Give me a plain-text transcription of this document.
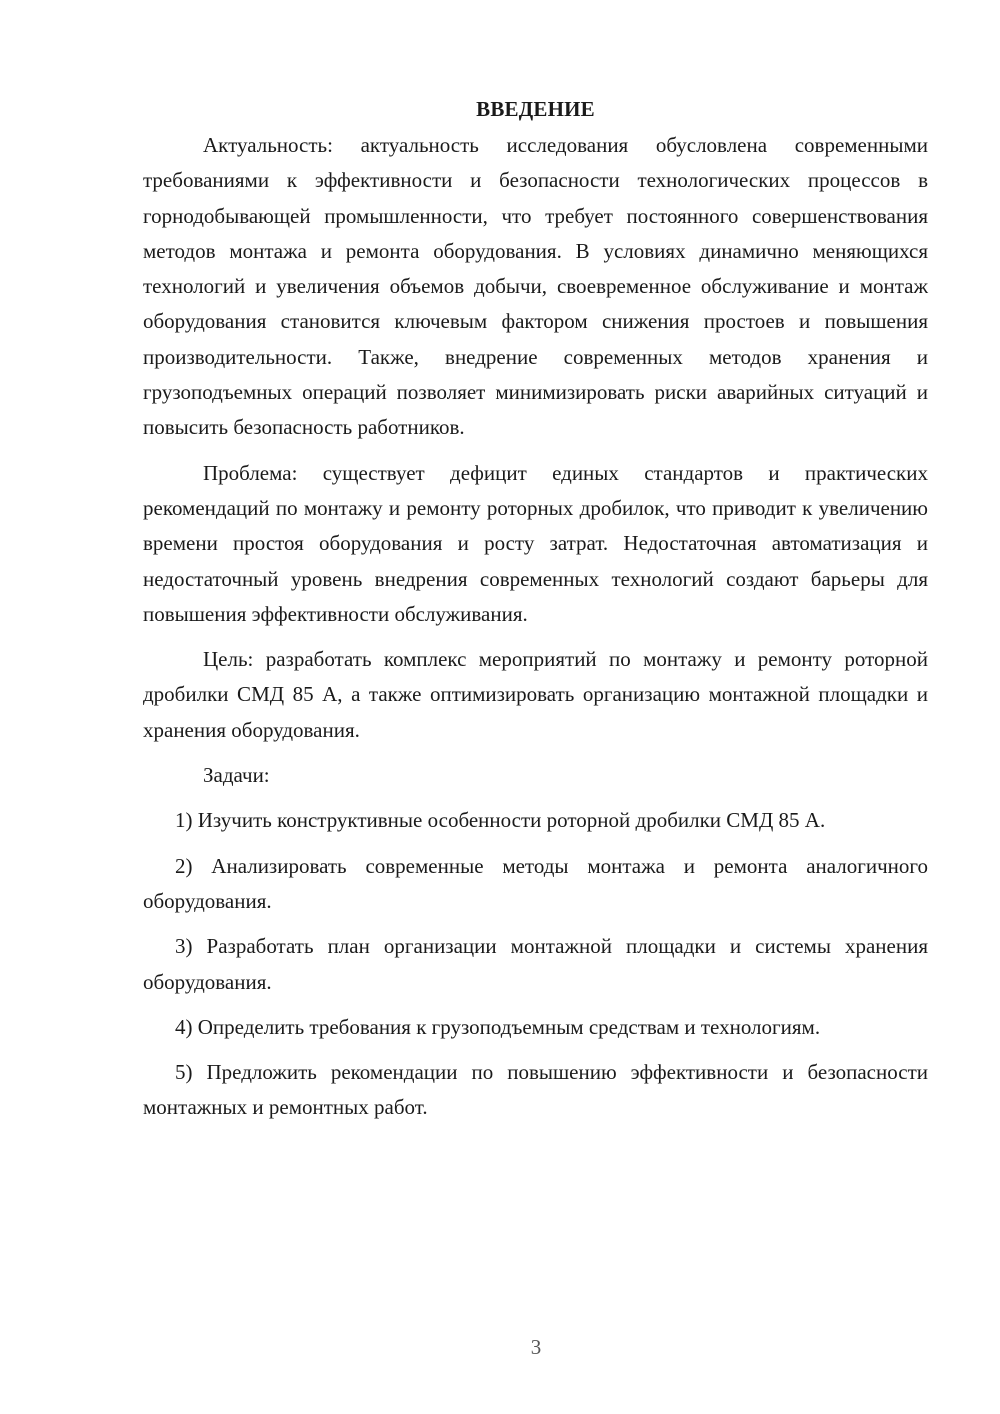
ВВЕДЕНИЕ

Актуальность: актуальность исследования обусловлена современными требованиями к эффективности и безопасности технологических процессов в горнодобывающей промышленности, что требует постоянного совершенствования методов монтажа и ремонта оборудования. В условиях динамично меняющихся технологий и увеличения объемов добычи, своевременное обслуживание и монтаж оборудования становится ключевым фактором снижения простоев и повышения производительности. Также, внедрение современных методов хранения и грузоподъемных операций позволяет минимизировать риски аварийных ситуаций и повысить безопасность работников.

Проблема: существует дефицит единых стандартов и практических рекомендаций по монтажу и ремонту роторных дробилок, что приводит к увеличению времени простоя оборудования и росту затрат. Недостаточная автоматизация и недостаточный уровень внедрения современных технологий создают барьеры для повышения эффективности обслуживания.

Цель: разработать комплекс мероприятий по монтажу и ремонту роторной дробилки СМД 85 А, а также оптимизировать организацию монтажной площадки и хранения оборудования.

Задачи:

1) Изучить конструктивные особенности роторной дробилки СМД 85 А.

2) Анализировать современные методы монтажа и ремонта аналогичного оборудования.

3) Разработать план организации монтажной площадки и системы хранения оборудования.

4) Определить требования к грузоподъемным средствам и технологиям.

5) Предложить рекомендации по повышению эффективности и безопасности монтажных и ремонтных работ.

3
